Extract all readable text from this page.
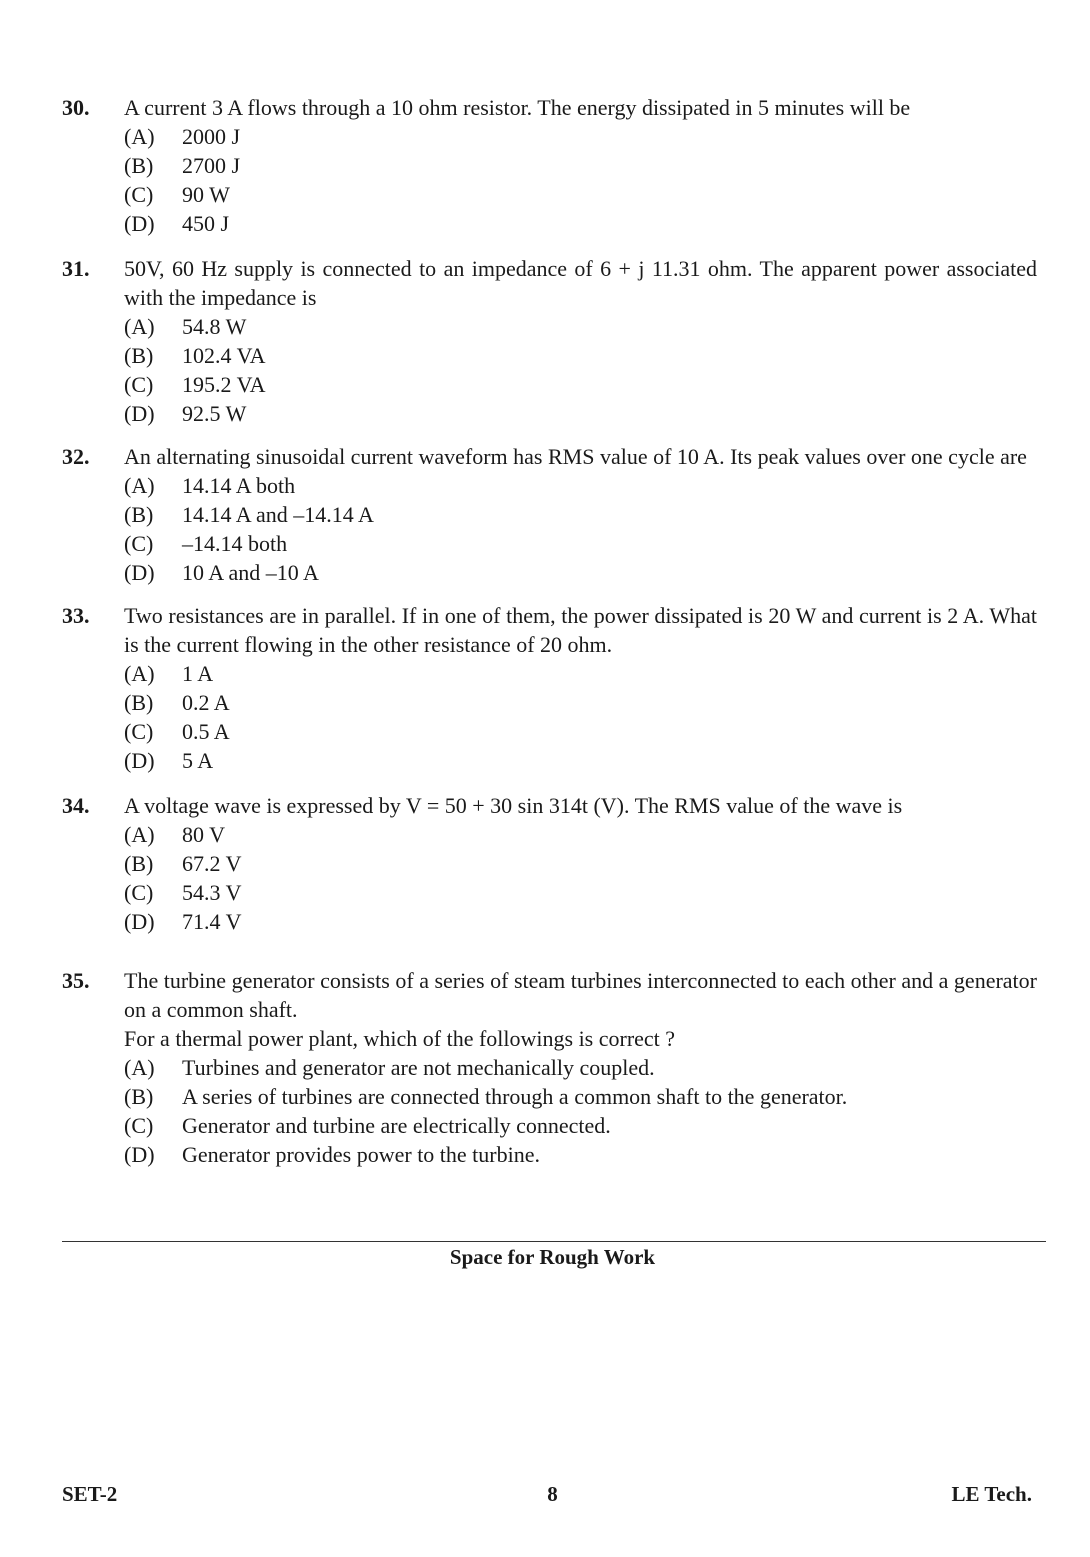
30.	A current 3 A flows through a 10 ohm resistor. The energy dissipated in 5 minutes will be

(A)	2000 J
(B)	2700 J
(C)	90 W
(D)	450 J
31.	50V, 60 Hz supply is connected to an impedance of 6 + j 11.31 ohm. The apparent power associated with the impedance is

(A)	54.8 W
(B)	102.4 VA
(C)	195.2 VA
(D)	92.5 W
32.	An alternating sinusoidal current waveform has RMS value of 10 A. Its peak values over one cycle are

(A)	14.14 A both
(B)	14.14 A and –14.14 A
(C)	–14.14 both
(D)	10 A and –10 A
33.	Two resistances are in parallel. If in one of them, the power dissipated is 20 W and current is 2 A. What is the current flowing in the other resistance of 20 ohm.

(A)	1 A
(B)	0.2 A
(C)	0.5 A
(D)	5 A
34.	A voltage wave is expressed by V = 50 + 30 sin 314t (V). The RMS value of the wave is

(A)	80 V
(B)	67.2 V
(C)	54.3 V
(D)	71.4 V
35.	The turbine generator consists of a series of steam turbines interconnected to each other and a generator on a common shaft.

For a thermal power plant, which of the followings is correct ?

(A)	Turbines and generator are not mechanically coupled.
(B)	A series of turbines are connected through a common shaft to the generator.
(C)	Generator and turbine are electrically connected.
(D)	Generator provides power to the turbine.
Space for Rough Work
SET-2	8	LE Tech.
